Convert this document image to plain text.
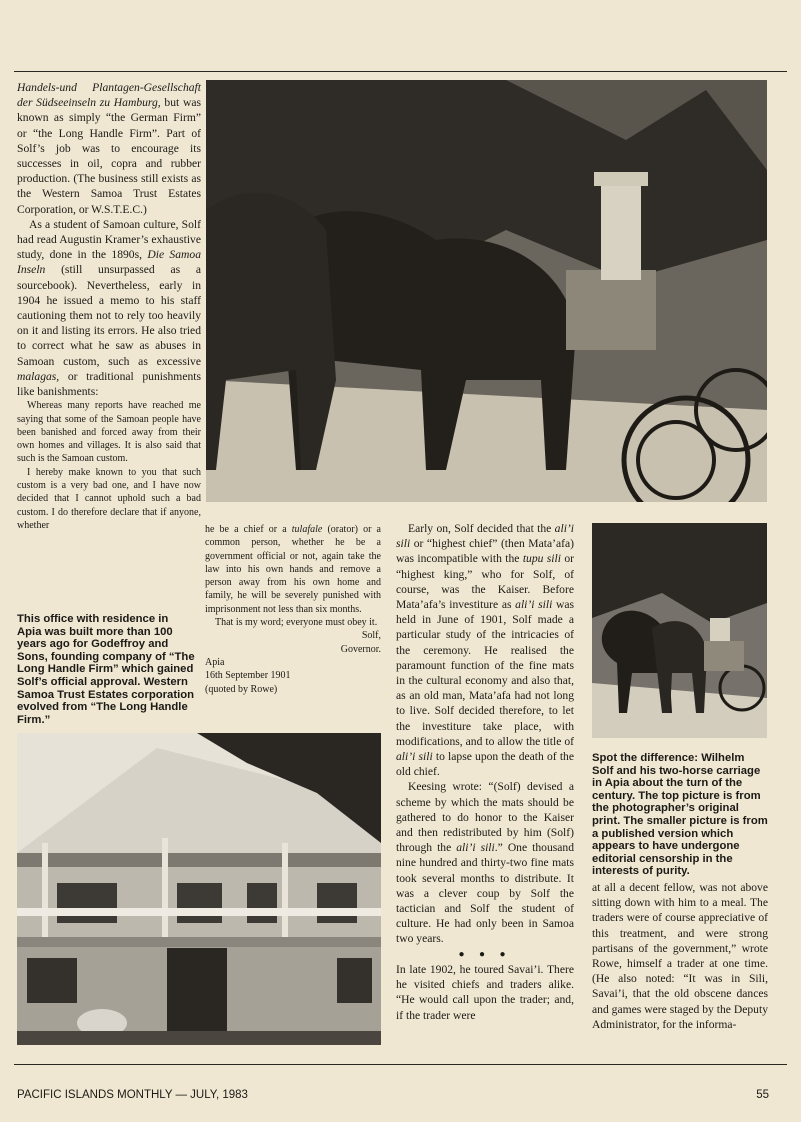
Handels-und Plantagen-Gesellschaft der Südseeinseln zu Hamburg, but was known as simply “the German Firm” or “the Long Handle Firm”. Part of Solf’s job was to encourage its successes in oil, copra and rubber production. (The business still exists as the Western Samoa Trust Estates Corporation, or W.S.T.E.C.)

As a student of Samoan culture, Solf had read Augustin Kramer’s exhaustive study, done in the 1890s, Die Samoa Inseln (still unsurpassed as a sourcebook). Nevertheless, early in 1904 he issued a memo to his staff cautioning them not to rely too heavily on it and listing its errors. He also tried to correct what he saw as abuses in Samoan custom, such as excessive malagas, or traditional punishments like banishments:

Whereas many reports have reached me saying that some of the Samoan people have been banished and forced away from their own homes and villages. It is also said that such is the Samoan custom.

I hereby make known to you that such custom is a very bad one, and I have now decided that I cannot uphold such a bad custom. I do therefore declare that if anyone, whether	he be a chief or a tulafale (orator) or a common person, whether he be a government official or not, again take the law into his own hands and remove a person away from his own home and family, he will be severely punished with imprisonment not less than six months.

That is my word; everyone must obey it.

Solf,

Governor.

Apia

16th September 1901

(quoted by Rowe)

This office with residence in Apia was built more than 100 years ago for Godeffroy and Sons, founding company of “The Long Handle Firm” which gained Solf’s official approval. Western Samoa Trust Estates corporation evolved from “The Long Handle Firm.”

Early on, Solf decided that the ali’i sili or “highest chief” (then Mata’afa) was incompatible with the tupu sili or “highest king,” who for Solf, of course, was the Kaiser. Before Mata’afa’s investiture as ali’i sili was held in June of 1901, Solf made a particular study of the intricacies of the ceremony. He realised the paramount function of the fine mats in the cultural economy and also that, as an old man, Mata’afa had not long to live. Solf decided therefore, to let the investiture take place, with modifications, and to allow the title of ali’i sili to lapse upon the death of the old chief.

Keesing wrote: “(Solf) devised a scheme by which the mats should be gathered to do honor to the Kaiser and then redistributed by him (Solf) through the ali’i sili.” One thousand nine hundred and thirty-two fine mats took several months to distribute. It was a clever coup by Solf the tactician and Solf the student of culture. He had only been in Samoa two years.

● ● ●

In late 1902, he toured Savai’i. There he visited chiefs and traders alike. “He would call upon the trader; and, if the trader were

Spot the difference: Wilhelm Solf and his two-horse carriage in Apia about the turn of the century. The top picture is from the photographer’s original print. The smaller picture is from a published version which appears to have undergone editorial censorship in the interests of purity.

at all a decent fellow, was not above sitting down with him to a meal. The traders were of course appreciative of this treatment, and were strong partisans of the government,” wrote Rowe, himself a trader at one time. (He also noted: “It was in Sili, Savai’i, that the old obscene dances and games were staged by the Deputy Administrator, for the informa-

PACIFIC ISLANDS MONTHLY — JULY, 1983	55
